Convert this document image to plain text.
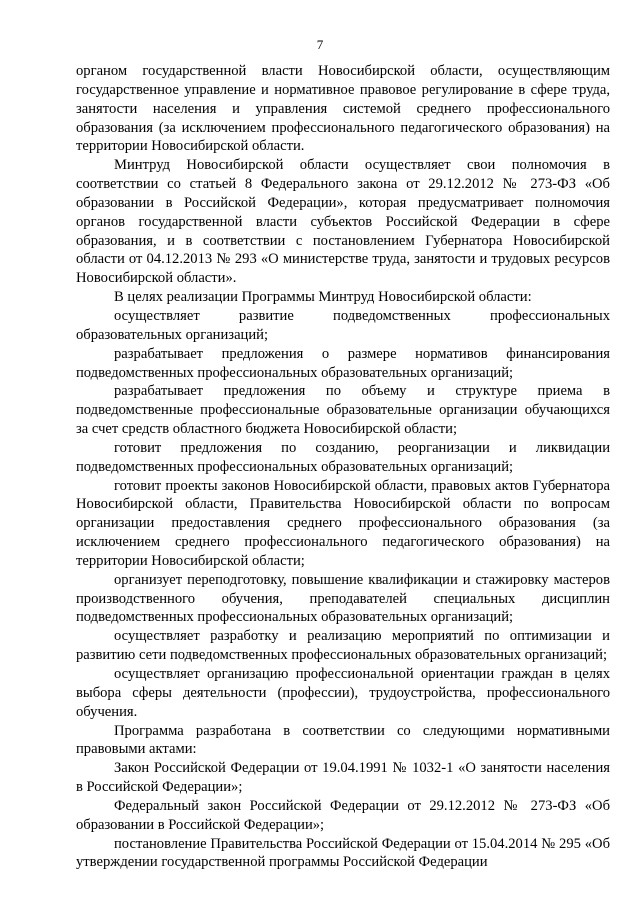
7

органом государственной власти Новосибирской области, осуществляющим государственное управление и нормативное правовое регулирование в сфере труда, занятости населения и управления системой среднего профессионального образования (за исключением профессионального педагогического образования) на территории Новосибирской области.

Минтруд Новосибирской области осуществляет свои полномочия в соответствии со статьей 8 Федерального закона от 29.12.2012 № 273-ФЗ «Об образовании в Российской Федерации», которая предусматривает полномочия органов государственной власти субъектов Российской Федерации в сфере образования, и в соответствии с постановлением Губернатора Новосибирской области от 04.12.2013 № 293 «О министерстве труда, занятости и трудовых ресурсов Новосибирской области».

В целях реализации Программы Минтруд Новосибирской области:

осуществляет развитие подведомственных профессиональных образовательных организаций;

разрабатывает предложения о размере нормативов финансирования подведомственных профессиональных образовательных организаций;

разрабатывает предложения по объему и структуре приема в подведомственные профессиональные образовательные организации обучающихся за счет средств областного бюджета Новосибирской области;

готовит предложения по созданию, реорганизации и ликвидации подведомственных профессиональных образовательных организаций;

готовит проекты законов Новосибирской области, правовых актов Губернатора Новосибирской области, Правительства Новосибирской области по вопросам организации предоставления среднего профессионального образования (за исключением среднего профессионального педагогического образования) на территории Новосибирской области;

организует переподготовку, повышение квалификации и стажировку мастеров производственного обучения, преподавателей специальных дисциплин подведомственных профессиональных образовательных организаций;

осуществляет разработку и реализацию мероприятий по оптимизации и развитию сети подведомственных профессиональных образовательных организаций;

осуществляет организацию профессиональной ориентации граждан в целях выбора сферы деятельности (профессии), трудоустройства, профессионального обучения.

Программа разработана в соответствии со следующими нормативными правовыми актами:

Закон Российской Федерации от 19.04.1991 № 1032-1 «О занятости населения в Российской Федерации»;

Федеральный закон Российской Федерации от 29.12.2012 № 273-ФЗ «Об образовании в Российской Федерации»;

постановление Правительства Российской Федерации от 15.04.2014 № 295 «Об утверждении государственной программы Российской Федерации
